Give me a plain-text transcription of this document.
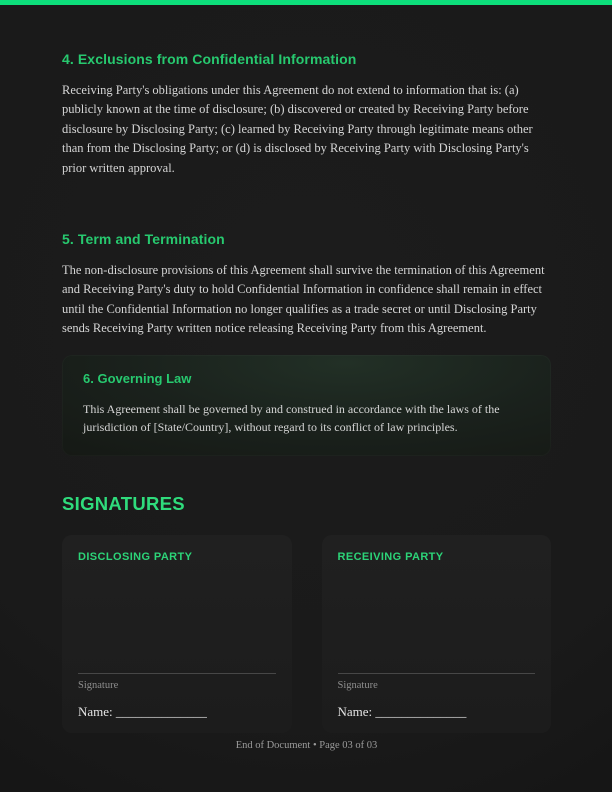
4. Exclusions from Confidential Information

Receiving Party's obligations under this Agreement do not extend to information that is: (a) publicly known at the time of disclosure; (b) discovered or created by Receiving Party before disclosure by Disclosing Party; (c) learned by Receiving Party through legitimate means other than from the Disclosing Party; or (d) is disclosed by Receiving Party with Disclosing Party's prior written approval.

5. Term and Termination

The non-disclosure provisions of this Agreement shall survive the termination of this Agreement and Receiving Party's duty to hold Confidential Information in confidence shall remain in effect until the Confidential Information no longer qualifies as a trade secret or until Disclosing Party sends Receiving Party written notice releasing Receiving Party from this Agreement.

6. Governing Law

This Agreement shall be governed by and construed in accordance with the laws of the jurisdiction of [State/Country], without regard to its conflict of law principles.

SIGNATURES
DISCLOSING PARTY
Signature
Name: ______________
RECEIVING PARTY
Signature
Name: ______________
End of Document • Page 03 of 03
